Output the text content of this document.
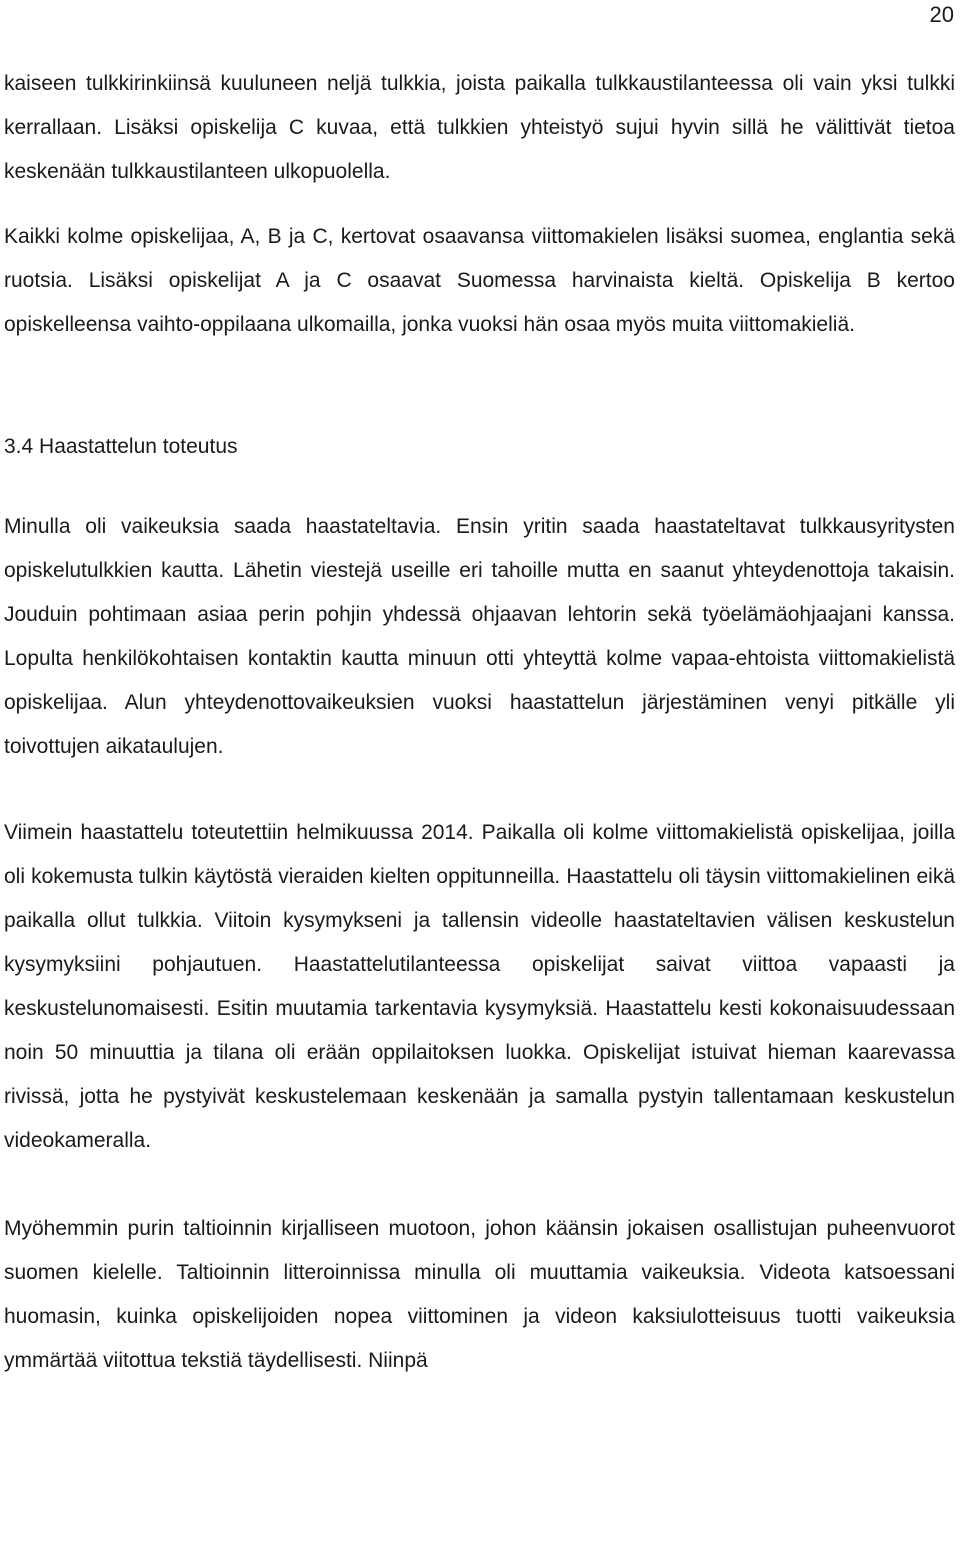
20

kaiseen tulkkirinkiinsä kuuluneen neljä tulkkia, joista paikalla tulkkaustilanteessa oli vain yksi tulkki kerrallaan. Lisäksi opiskelija C kuvaa, että tulkkien yhteistyö sujui hyvin sillä he välittivät tietoa keskenään tulkkaustilanteen ulkopuolella.

Kaikki kolme opiskelijaa, A, B ja C, kertovat osaavansa viittomakielen lisäksi suomea, englantia sekä ruotsia. Lisäksi opiskelijat A ja C osaavat Suomessa harvinaista kieltä. Opiskelija B kertoo opiskelleensa vaihto-oppilaana ulkomailla, jonka vuoksi hän osaa myös muita viittomakieliä.

3.4 Haastattelun toteutus

Minulla oli vaikeuksia saada haastateltavia. Ensin yritin saada haastateltavat tulkkausyritysten opiskelutulkkien kautta. Lähetin viestejä useille eri tahoille mutta en saanut yhteydenottoja takaisin. Jouduin pohtimaan asiaa perin pohjin yhdessä ohjaavan lehtorin sekä työelämäohjaajani kanssa. Lopulta henkilökohtaisen kontaktin kautta minuun otti yhteyttä kolme vapaa-ehtoista viittomakielistä opiskelijaa. Alun yhteydenottovaikeuksien vuoksi haastattelun järjestäminen venyi pitkälle yli toivottujen aikataulujen.

Viimein haastattelu toteutettiin helmikuussa 2014. Paikalla oli kolme viittomakielistä opiskelijaa, joilla oli kokemusta tulkin käytöstä vieraiden kielten oppitunneilla. Haastattelu oli täysin viittomakielinen eikä paikalla ollut tulkkia. Viitoin kysymykseni ja tallensin videolle haastateltavien välisen keskustelun kysymyksiini pohjautuen. Haastattelutilanteessa opiskelijat saivat viittoa vapaasti ja keskustelunomaisesti. Esitin muutamia tarkentavia kysymyksiä. Haastattelu kesti kokonaisuudessaan noin 50 minuuttia ja tilana oli erään oppilaitoksen luokka. Opiskelijat istuivat hieman kaarevassa rivissä, jotta he pystyivät keskustelemaan keskenään ja samalla pystyin tallentamaan keskustelun videokameralla.

Myöhemmin purin taltioinnin kirjalliseen muotoon, johon käänsin jokaisen osallistujan puheenvuorot suomen kielelle. Taltioinnin litteroinnissa minulla oli muuttamia vaikeuksia. Videota katsoessani huomasin, kuinka opiskelijoiden nopea viittominen ja videon kaksiulotteisuus tuotti vaikeuksia ymmärtää viitottua tekstiä täydellisesti. Niinpä
